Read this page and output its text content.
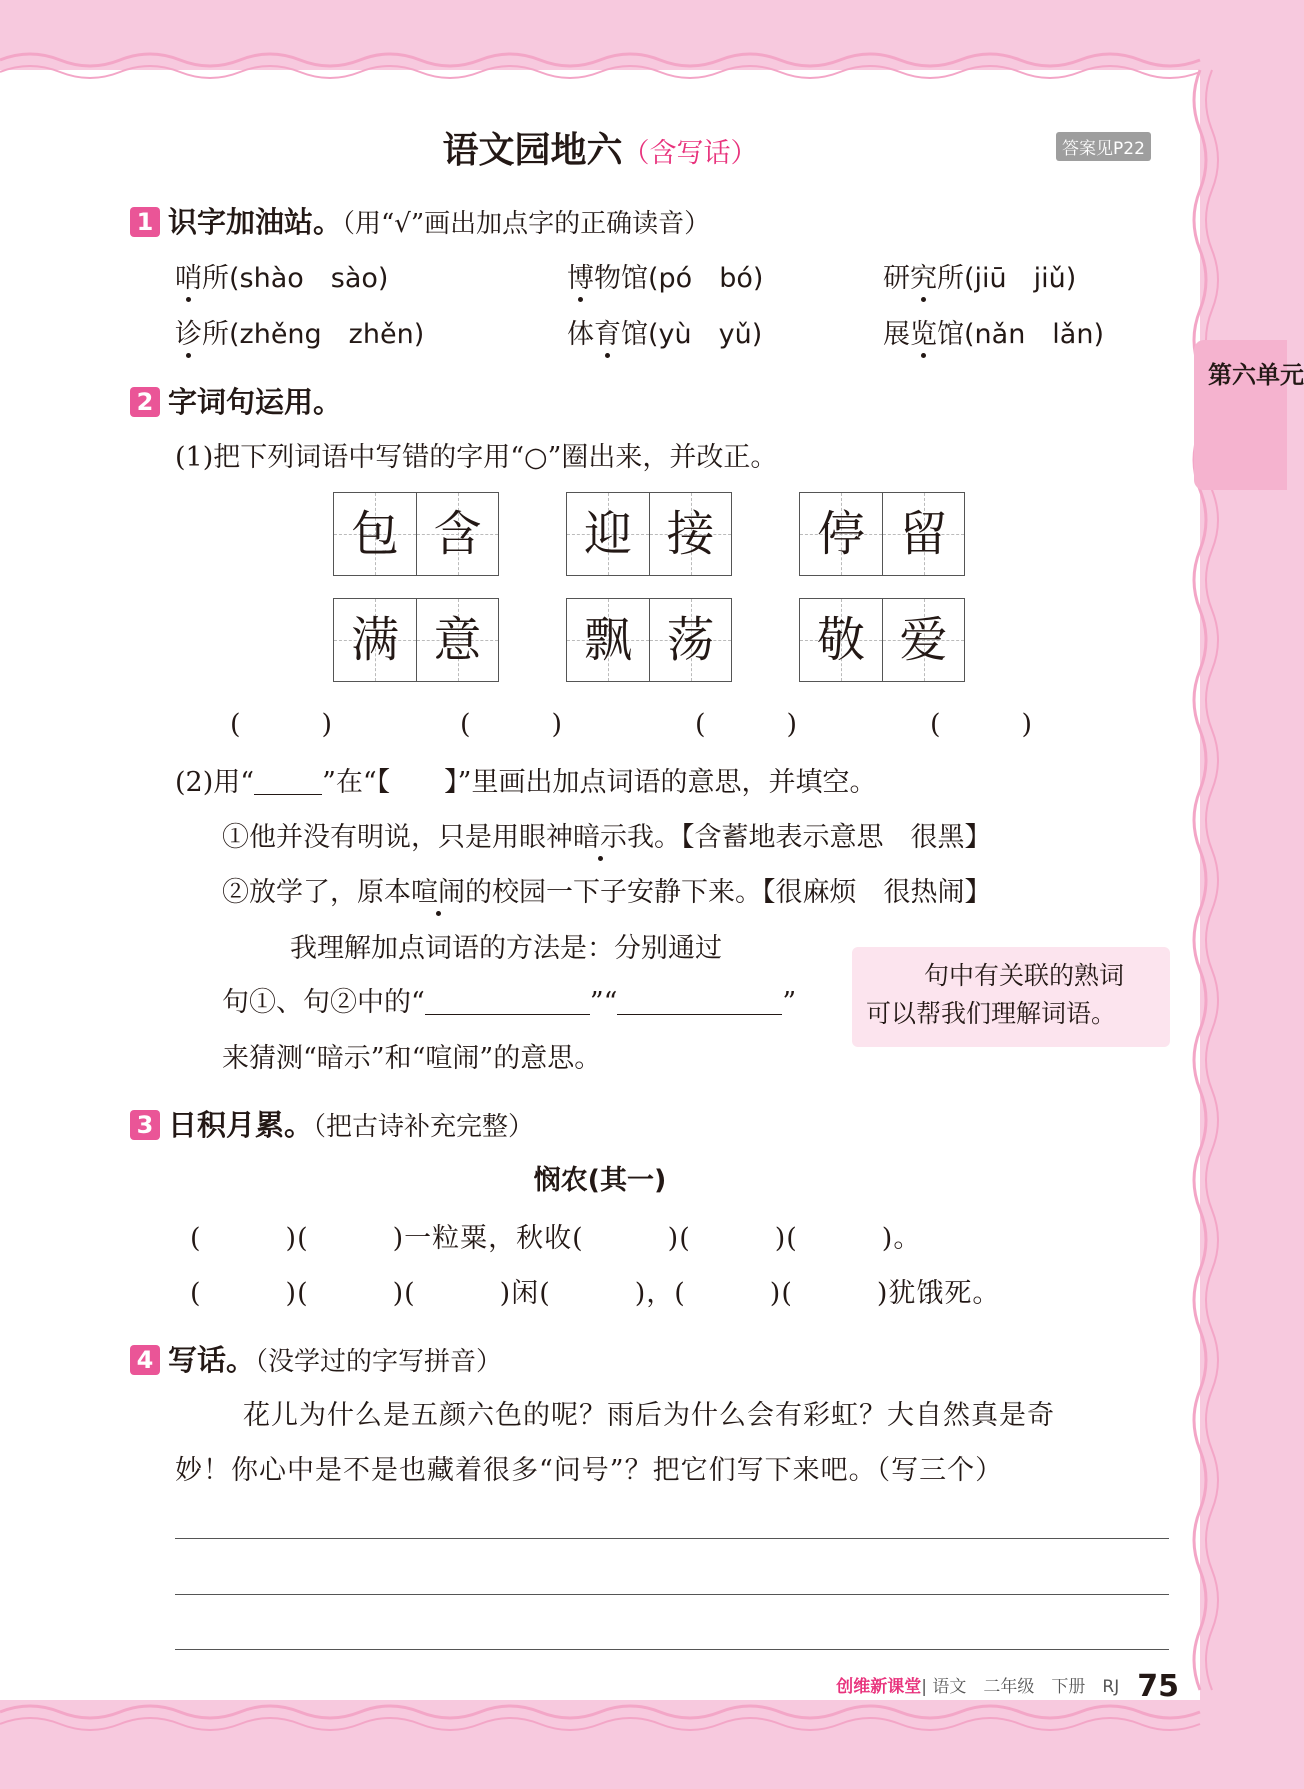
语文园地六（含写话）	答案见P22
第六单元
1 识字加油站。（用“√”画出加点字的正确读音）
哨所(shào　sào)	博物馆(pó　bó)	研究所(jiū　jiǔ)
诊所(zhěng　zhěn)	体育馆(yù　yǔ)	展览馆(nǎn　lǎn)
2 字词句运用。
(1)把下列词语中写错的字用“○”圈出来，并改正。
包 含	迎 接	停 留
满 意	飘 荡	敬 爱
(　　　)	(　　　)	(　　　)	(　　　)
(2)用“	”在“【　　】”里画出加点词语的意思，并填空。
①他并没有明说，只是用眼神暗示我。【含蓄地表示意思　很黑】
②放学了，原本喧闹的校园一下子安静下来。【很麻烦　很热闹】
我理解加点词语的方法是：分别通过
句①、句②中的“	”“	”
来猜测“暗示”和“喧闹”的意思。
句中有关联的熟词
可以帮我们理解词语。
3 日积月累。（把古诗补充完整）
悯农(其一)
(　　　)(　　　)一粒粟，秋收(　　　)(　　　)(　　　)。
(　　　)(　　　)(　　　)闲(　　　)，(　　　)(　　　)犹饿死。
4 写话。（没学过的字写拼音）
花儿为什么是五颜六色的呢？雨后为什么会有彩虹？大自然真是奇
妙！你心中是不是也藏着很多“问号”？把它们写下来吧。（写三个）
创维新课堂| 语文　二年级　下册　RJ 75
